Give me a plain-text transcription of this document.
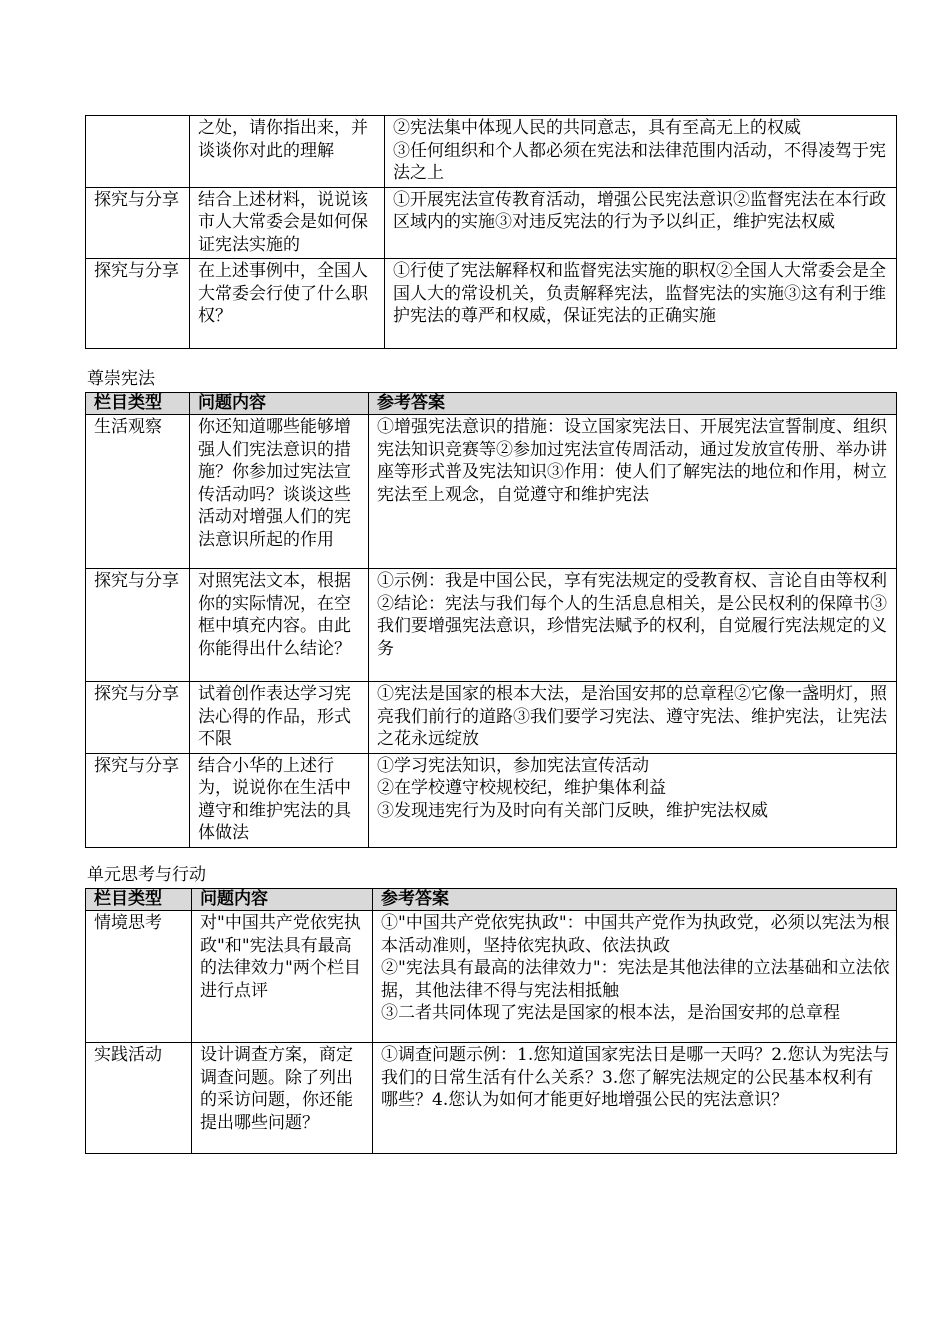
	之处，请你指出来，并谈谈你对此的理解	②宪法集中体现人民的共同意志，具有至高无上的权威
③任何组织和个人都必须在宪法和法律范围内活动，不得凌驾于宪法之上

探究与分享	结合上述材料，说说该市人大常委会是如何保证宪法实施的	①开展宪法宣传教育活动，增强公民宪法意识②监督宪法在本行政区域内的实施③对违反宪法的行为予以纠正，维护宪法权威

探究与分享	在上述事例中，全国人大常委会行使了什么职权？	①行使了宪法解释权和监督宪法实施的职权②全国人大常委会是全国人大的常设机关，负责解释宪法，监督宪法的实施③这有利于维护宪法的尊严和权威，保证宪法的正确实施
尊崇宪法
栏目类型	问题内容	参考答案
生活观察	你还知道哪些能够增强人们宪法意识的措施？你参加过宪法宣传活动吗？谈谈这些活动对增强人们的宪法意识所起的作用	①增强宪法意识的措施：设立国家宪法日、开展宪法宣誓制度、组织宪法知识竞赛等②参加过宪法宣传周活动，通过发放宣传册、举办讲座等形式普及宪法知识③作用：使人们了解宪法的地位和作用，树立宪法至上观念，自觉遵守和维护宪法

探究与分享	对照宪法文本，根据你的实际情况，在空框中填充内容。由此你能得出什么结论？	①示例：我是中国公民，享有宪法规定的受教育权、言论自由等权利②结论：宪法与我们每个人的生活息息相关，是公民权利的保障书③我们要增强宪法意识，珍惜宪法赋予的权利，自觉履行宪法规定的义务

探究与分享	试着创作表达学习宪法心得的作品，形式不限	①宪法是国家的根本大法，是治国安邦的总章程②它像一盏明灯，照亮我们前行的道路③我们要学习宪法、遵守宪法、维护宪法，让宪法之花永远绽放

探究与分享	结合小华的上述行为，说说你在生活中遵守和维护宪法的具体做法	①学习宪法知识，参加宪法宣传活动
②在学校遵守校规校纪，维护集体利益
③发现违宪行为及时向有关部门反映，维护宪法权威
单元思考与行动
栏目类型	问题内容	参考答案
情境思考	对"中国共产党依宪执政"和"宪法具有最高的法律效力"两个栏目进行点评	①"中国共产党依宪执政"：中国共产党作为执政党，必须以宪法为根本活动准则，坚持依宪执政、依法执政
②"宪法具有最高的法律效力"：宪法是其他法律的立法基础和立法依据，其他法律不得与宪法相抵触
③二者共同体现了宪法是国家的根本法，是治国安邦的总章程

实践活动	设计调查方案，商定调查问题。除了列出的采访问题，你还能提出哪些问题？	①调查问题示例：1.您知道国家宪法日是哪一天吗？2.您认为宪法与我们的日常生活有什么关系？3.您了解宪法规定的公民基本权利有哪些？4.您认为如何才能更好地增强公民的宪法意识？
